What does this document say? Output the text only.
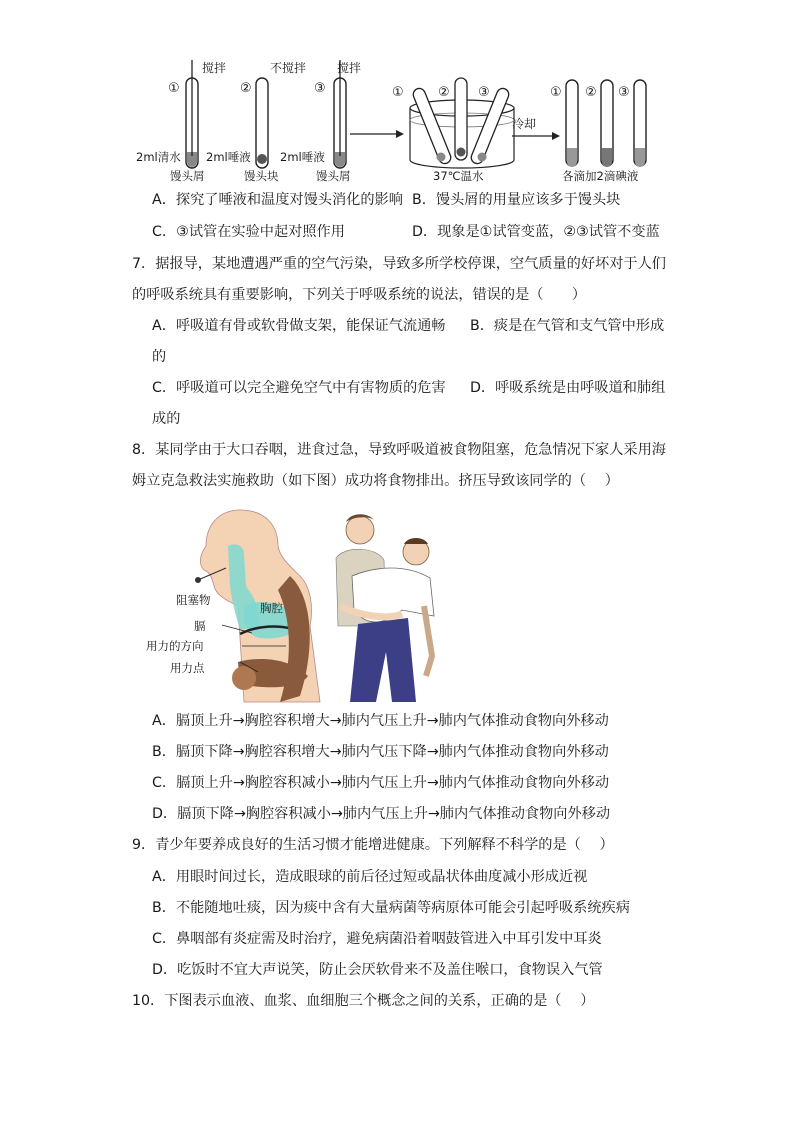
①	②	③
搅拌	不搅拌	搅拌
2ml清水 2ml唾液	2ml唾液
馒头屑	馒头块	馒头屑
①	② ③
37℃温水
冷却
① ② ③
各滴加2滴碘液
A．探究了唾液和温度对馒头消化的影响 B．馒头屑的用量应该多于馒头块
C．③试管在实验中起对照作用	D．现象是①试管变蓝，②③试管不变蓝
7．据报导，某地遭遇严重的空气污染，导致多所学校停课，空气质量的好坏对于人们
的呼吸系统具有重要影响，下列关于呼吸系统的说法，错误的是（　　）
A．呼吸道有骨或软骨做支架，能保证气流通畅 B．痰是在气管和支气管中形成
的
C．呼吸道可以完全避免空气中有害物质的危害 D．呼吸系统是由呼吸道和肺组
成的
8．某同学由于大口吞咽，进食过急，导致呼吸道被食物阻塞，危急情况下家人采用海
姆立克急救法实施救助（如下图）成功将食物排出。挤压导致该同学的（　 ）
阻塞物
胸腔
膈
用力的方向
用力点
A．膈顶上升→胸腔容积增大→肺内气压上升→肺内气体推动食物向外移动
B．膈顶下降→胸腔容积增大→肺内气压下降→肺内气体推动食物向外移动
C．膈顶上升→胸腔容积减小→肺内气压上升→肺内气体推动食物向外移动
D．膈顶下降→胸腔容积减小→肺内气压上升→肺内气体推动食物向外移动
9．青少年要养成良好的生活习惯才能增进健康。下列解释不科学的是（　 ）
A．用眼时间过长，造成眼球的前后径过短或晶状体曲度减小形成近视
B．不能随地吐痰，因为痰中含有大量病菌等病原体可能会引起呼吸系统疾病
C．鼻咽部有炎症需及时治疗，避免病菌沿着咽鼓管进入中耳引发中耳炎
D．吃饭时不宜大声说笑，防止会厌软骨来不及盖住喉口，食物误入气管
10．下图表示血液、血浆、血细胞三个概念之间的关系，正确的是（　 ）
